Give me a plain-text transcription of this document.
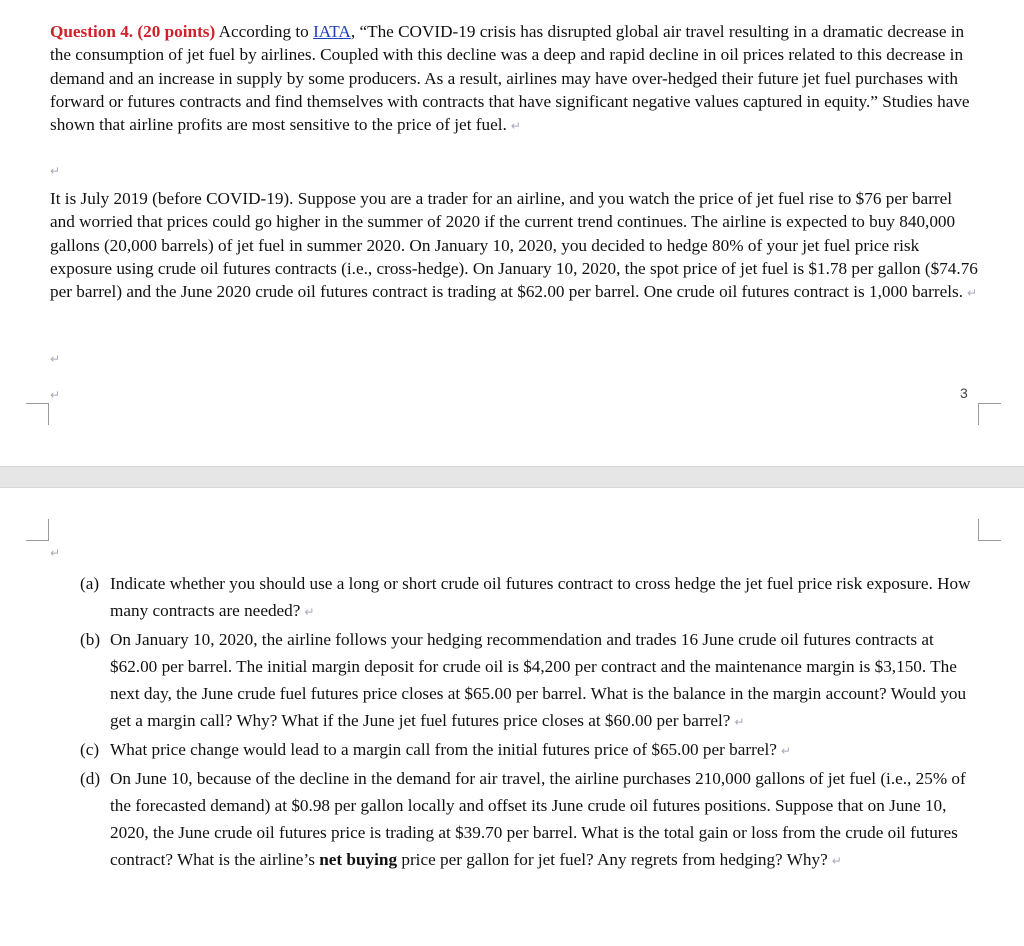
Question 4. (20 points) According to IATA, “The COVID-19 crisis has disrupted global air travel resulting in a dramatic decrease in the consumption of jet fuel by airlines. Coupled with this decline was a deep and rapid decline in oil prices related to this decrease in demand and an increase in supply by some producers. As a result, airlines may have over-hedged their future jet fuel purchases with forward or futures contracts and find themselves with contracts that have significant negative values captured in equity.” Studies have shown that airline profits are most sensitive to the price of jet fuel. ↵

↵

It is July 2019 (before COVID-19). Suppose you are a trader for an airline, and you watch the price of jet fuel rise to $76 per barrel and worried that prices could go higher in the summer of 2020 if the current trend continues. The airline is expected to buy 840,000 gallons (20,000 barrels) of jet fuel in summer 2020. On January 10, 2020, you decided to hedge 80% of your jet fuel price risk exposure using crude oil futures contracts (i.e., cross-hedge). On January 10, 2020, the spot price of jet fuel is $1.78 per gallon ($74.76 per barrel) and the June 2020 crude oil futures contract is trading at $62.00 per barrel. One crude oil futures contract is 1,000 barrels. ↵

↵
↵	3
↵
(a) Indicate whether you should use a long or short crude oil futures contract to cross hedge the jet fuel price risk exposure. How many contracts are needed? ↵
(b) On January 10, 2020, the airline follows your hedging recommendation and trades 16 June crude oil futures contracts at $62.00 per barrel. The initial margin deposit for crude oil is $4,200 per contract and the maintenance margin is $3,150. The next day, the June crude fuel futures price closes at $65.00 per barrel. What is the balance in the margin account? Would you get a margin call? Why? What if the June jet fuel futures price closes at $60.00 per barrel? ↵
(c) What price change would lead to a margin call from the initial futures price of $65.00 per barrel? ↵
(d) On June 10, because of the decline in the demand for air travel, the airline purchases 210,000 gallons of jet fuel (i.e., 25% of the forecasted demand) at $0.98 per gallon locally and offset its June crude oil futures positions. Suppose that on June 10, 2020, the June crude oil futures price is trading at $39.70 per barrel. What is the total gain or loss from the crude oil futures contract? What is the airline’s net buying price per gallon for jet fuel? Any regrets from hedging? Why? ↵
